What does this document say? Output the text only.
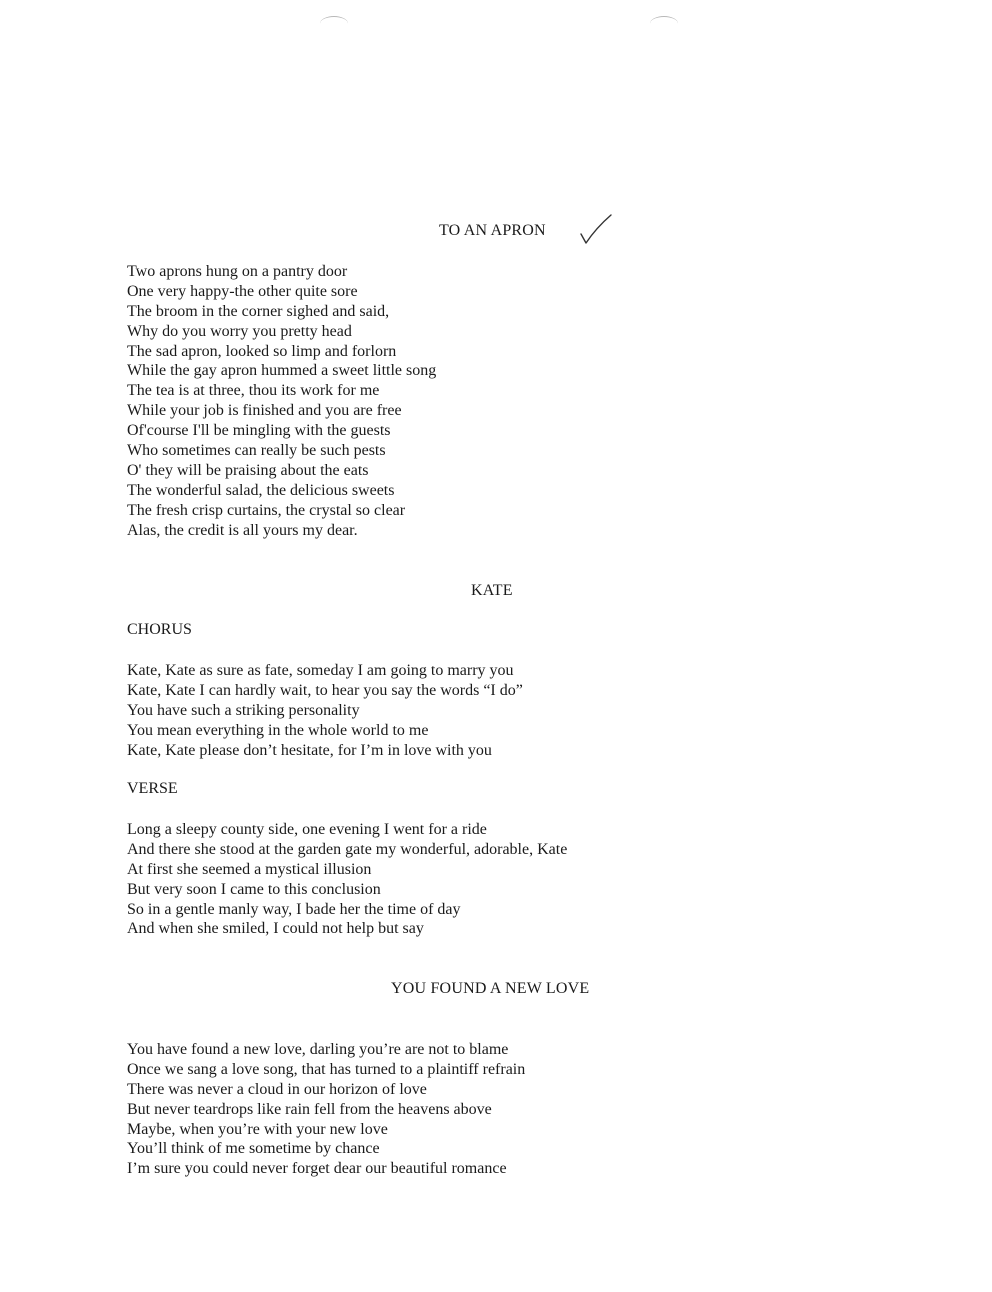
TO AN APRON
Two aprons hung on a pantry door
One very happy-the other quite sore
The broom in the corner sighed and said,
Why do you worry you pretty head
The sad apron, looked so limp and forlorn
While the gay apron hummed a sweet little song
The tea is at three, thou its work for me
While your job is finished and you are free
Of'course I'll be mingling with the guests
Who sometimes can really be such pests
O' they will be praising about the eats
The wonderful salad, the delicious sweets
The fresh crisp curtains, the crystal so clear
Alas, the credit is all yours my dear.
KATE
CHORUS
Kate, Kate as sure as fate, someday I am going to marry you
Kate, Kate I can hardly wait, to hear you say the words “I do”
You have such a striking personality
You mean everything in the whole world to me
Kate, Kate please don’t hesitate, for I’m in love with you
VERSE
Long a sleepy county side, one evening I went for a ride
And there she stood at the garden gate my wonderful, adorable, Kate
At first she seemed a mystical illusion
But very soon I came to this conclusion
So in a gentle manly way, I bade her the time of day
And when she smiled, I could not help but say
YOU FOUND A NEW LOVE
You have found a new love, darling you’re are not to blame
Once we sang a love song, that has turned to a plaintiff refrain
There was never a cloud in our horizon of love
But never teardrops like rain fell from the heavens above
Maybe, when you’re with your new love
You’ll think of me sometime by chance
I’m sure you could never forget dear our beautiful romance
